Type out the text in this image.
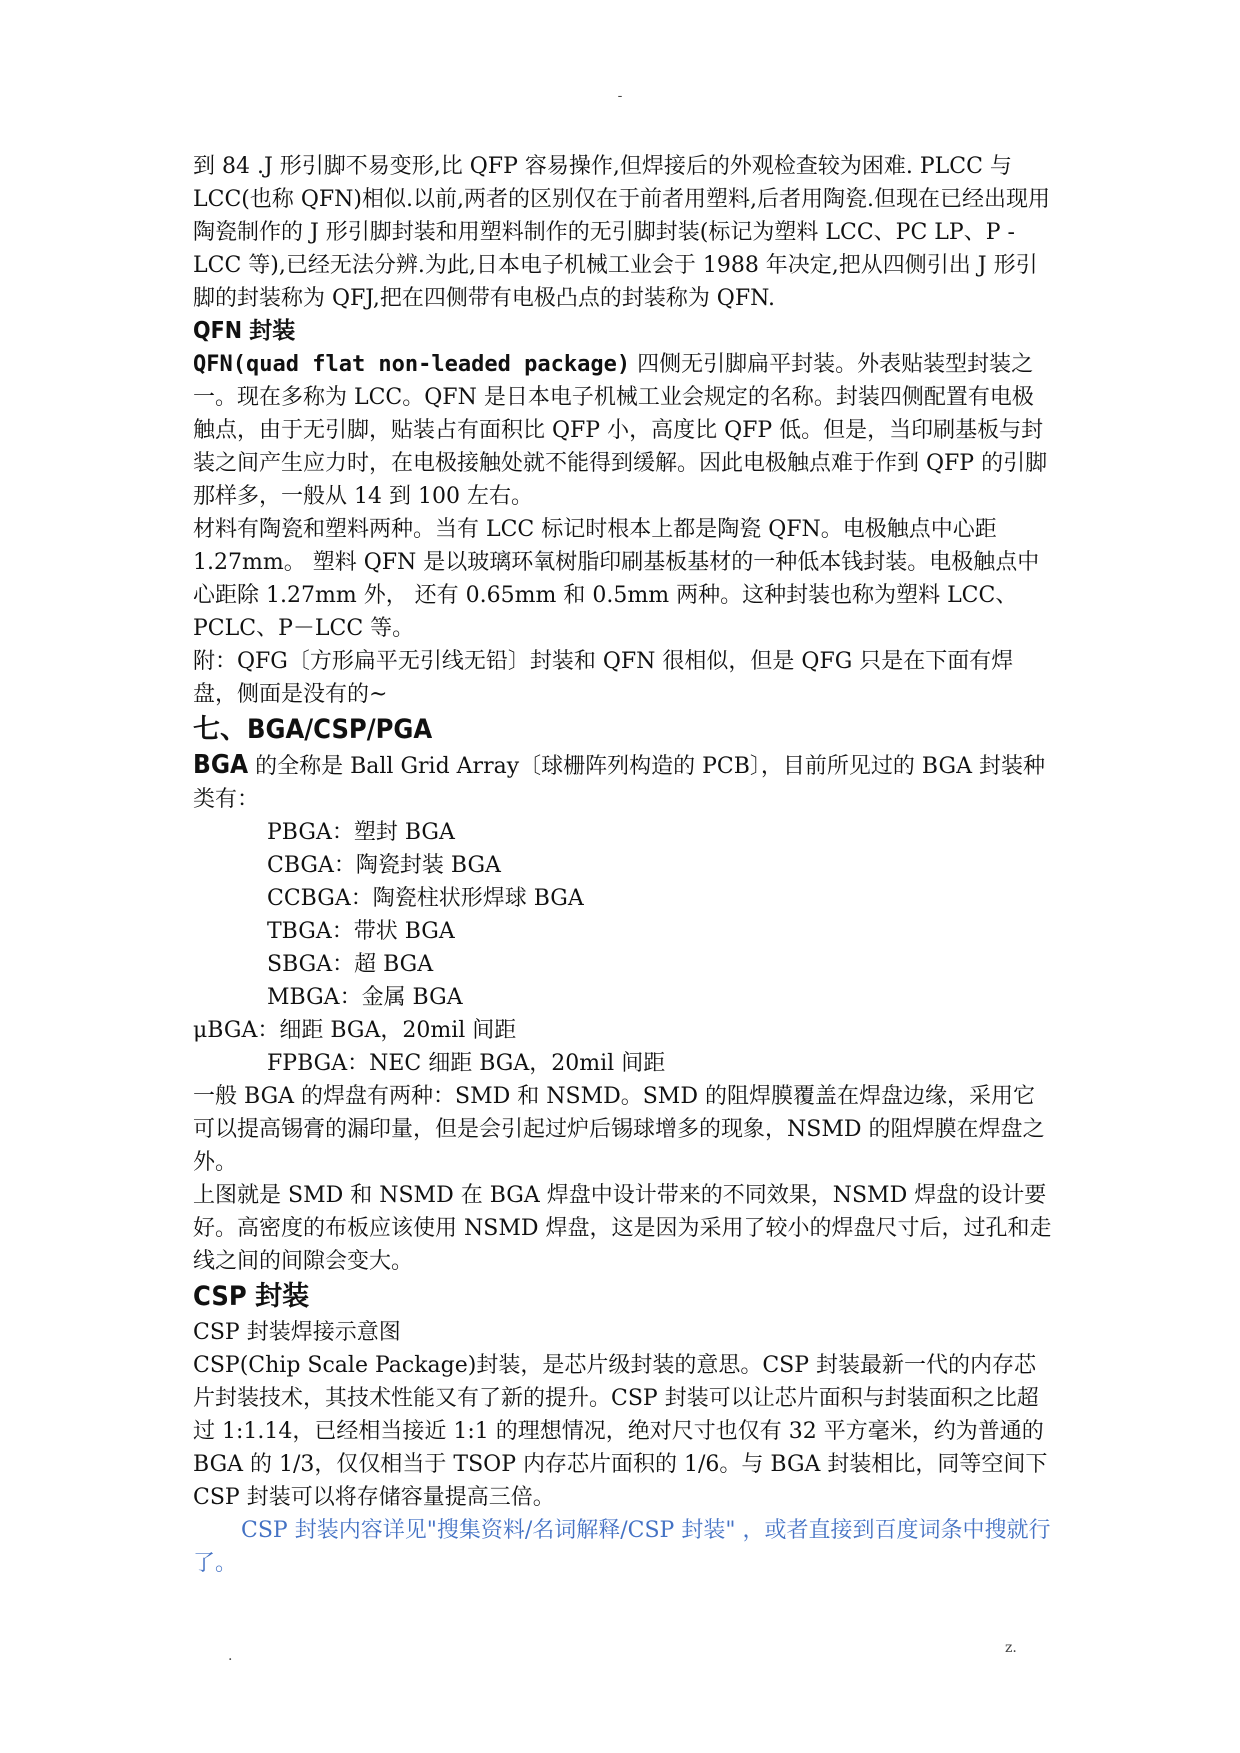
-

到 84 .J 形引脚不易变形,比 QFP 容易操作,但焊接后的外观检查较为困难. PLCC 与 LCC(也称 QFN)相似.以前,两者的区别仅在于前者用塑料,后者用陶瓷.但现在已经出现用陶瓷制作的 J 形引脚封装和用塑料制作的无引脚封装(标记为塑料 LCC、PC LP、P -LCC 等),已经无法分辨.为此,日本电子机械工业会于 1988 年决定,把从四侧引出 J 形引脚的封装称为 QFJ,把在四侧带有电极凸点的封装称为 QFN.

QFN 封装

QFN(quad flat non-leaded package) 四侧无引脚扁平封装。外表贴装型封装之一。现在多称为 LCC。QFN 是日本电子机械工业会规定的名称。封装四侧配置有电极触点，由于无引脚，贴装占有面积比 QFP 小，高度比 QFP 低。但是，当印刷基板与封装之间产生应力时，在电极接触处就不能得到缓解。因此电极触点难于作到 QFP 的引脚那样多，一般从 14 到 100 左右。

材料有陶瓷和塑料两种。当有 LCC 标记时根本上都是陶瓷 QFN。电极触点中心距 1.27mm。 塑料 QFN 是以玻璃环氧树脂印刷基板基材的一种低本钱封装。电极触点中心距除 1.27mm 外， 还有 0.65mm 和 0.5mm 两种。这种封装也称为塑料 LCC、PCLC、P－LCC 等。

附：QFG〔方形扁平无引线无铅〕封装和 QFN 很相似，但是 QFG 只是在下面有焊盘，侧面是没有的~

七、BGA/CSP/PGA

BGA 的全称是 Ball Grid Array〔球栅阵列构造的 PCB〕，目前所见过的 BGA 封装种类有：

PBGA：塑封 BGA

CBGA：陶瓷封装 BGA

CCBGA：陶瓷柱状形焊球 BGA

TBGA：带状 BGA

SBGA：超 BGA

MBGA：金属 BGA

μBGA：细距 BGA，20mil 间距

FPBGA：NEC 细距 BGA，20mil 间距

一般 BGA 的焊盘有两种：SMD 和 NSMD。SMD 的阻焊膜覆盖在焊盘边缘，采用它可以提高锡膏的漏印量，但是会引起过炉后锡球增多的现象，NSMD 的阻焊膜在焊盘之外。

上图就是 SMD 和 NSMD 在 BGA 焊盘中设计带来的不同效果，NSMD 焊盘的设计要好。高密度的布板应该使用 NSMD 焊盘，这是因为采用了较小的焊盘尺寸后，过孔和走线之间的间隙会变大。

CSP 封装

CSP 封装焊接示意图

CSP(Chip Scale Package)封装，是芯片级封装的意思。CSP 封装最新一代的内存芯片封装技术，其技术性能又有了新的提升。CSP 封装可以让芯片面积与封装面积之比超过 1:1.14，已经相当接近 1:1 的理想情况，绝对尺寸也仅有 32 平方毫米，约为普通的 BGA 的 1/3，仅仅相当于 TSOP 内存芯片面积的 1/6。与 BGA 封装相比，同等空间下 CSP 封装可以将存储容量提高三倍。

CSP 封装内容详见"搜集资料/名词解释/CSP 封装" ，或者直接到百度词条中搜就行了。

.	z.
